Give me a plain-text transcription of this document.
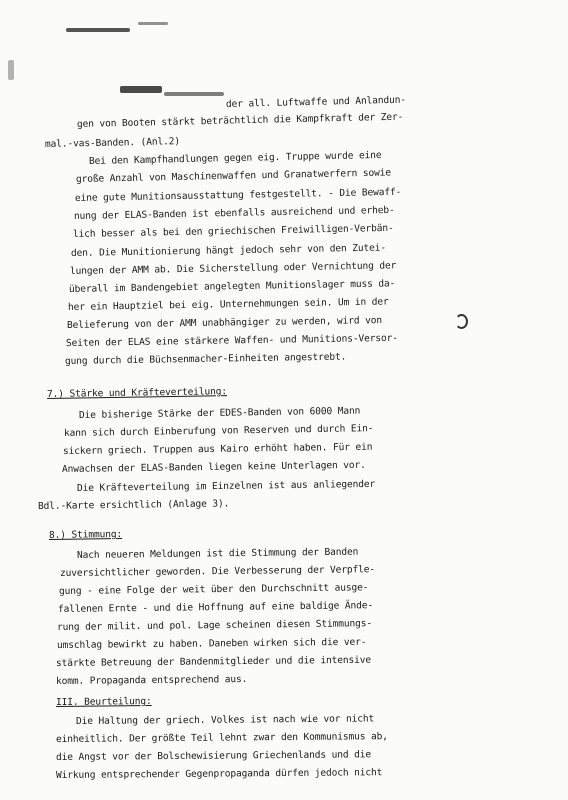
der all. Luftwaffe und Anlandun-
gen von Booten stärkt beträchtlich die Kampfkraft der Zer-
mal.-vas-Banden. (Anl.2)
Bei den Kampfhandlungen gegen eig. Truppe wurde eine
große Anzahl von Maschinenwaffen und Granatwerfern sowie
eine gute Munitionsausstattung festgestellt. - Die Bewaff-
nung der ELAS-Banden ist ebenfalls ausreichend und erheb-
lich besser als bei den griechischen Freiwilligen-Verbän-
den. Die Munitionierung hängt jedoch sehr von den Zutei-
lungen der AMM ab. Die Sicherstellung oder Vernichtung der
überall im Bandengebiet angelegten Munitionslager muss da-
her ein Hauptziel bei eig. Unternehmungen sein. Um in der
Belieferung von der AMM unabhängiger zu werden, wird von
Seiten der ELAS eine stärkere Waffen- und Munitions-Versor-
gung durch die Büchsenmacher-Einheiten angestrebt.
7.) Stärke und Kräfteverteilung:
Die bisherige Stärke der EDES-Banden von 6000 Mann
kann sich durch Einberufung von Reserven und durch Ein-
sickern griech. Truppen aus Kairo erhöht haben. Für ein
Anwachsen der ELAS-Banden liegen keine Unterlagen vor.
Die Kräfteverteilung im Einzelnen ist aus anliegender
Bdl.-Karte ersichtlich (Anlage 3).
8.) Stimmung:
Nach neueren Meldungen ist die Stimmung der Banden
zuversichtlicher geworden. Die Verbesserung der Verpfle-
gung - eine Folge der weit über den Durchschnitt ausge-
fallenen Ernte - und die Hoffnung auf eine baldige Ände-
rung der milit. und pol. Lage scheinen diesen Stimmungs-
umschlag bewirkt zu haben. Daneben wirken sich die ver-
stärkte Betreuung der Bandenmitglieder und die intensive
komm. Propaganda entsprechend aus.
III. Beurteilung:
Die Haltung der griech. Volkes ist nach wie vor nicht
einheitlich. Der größte Teil lehnt zwar den Kommunismus ab,
die Angst vor der Bolschewisierung Griechenlands und die
Wirkung entsprechender Gegenpropaganda dürfen jedoch nicht
